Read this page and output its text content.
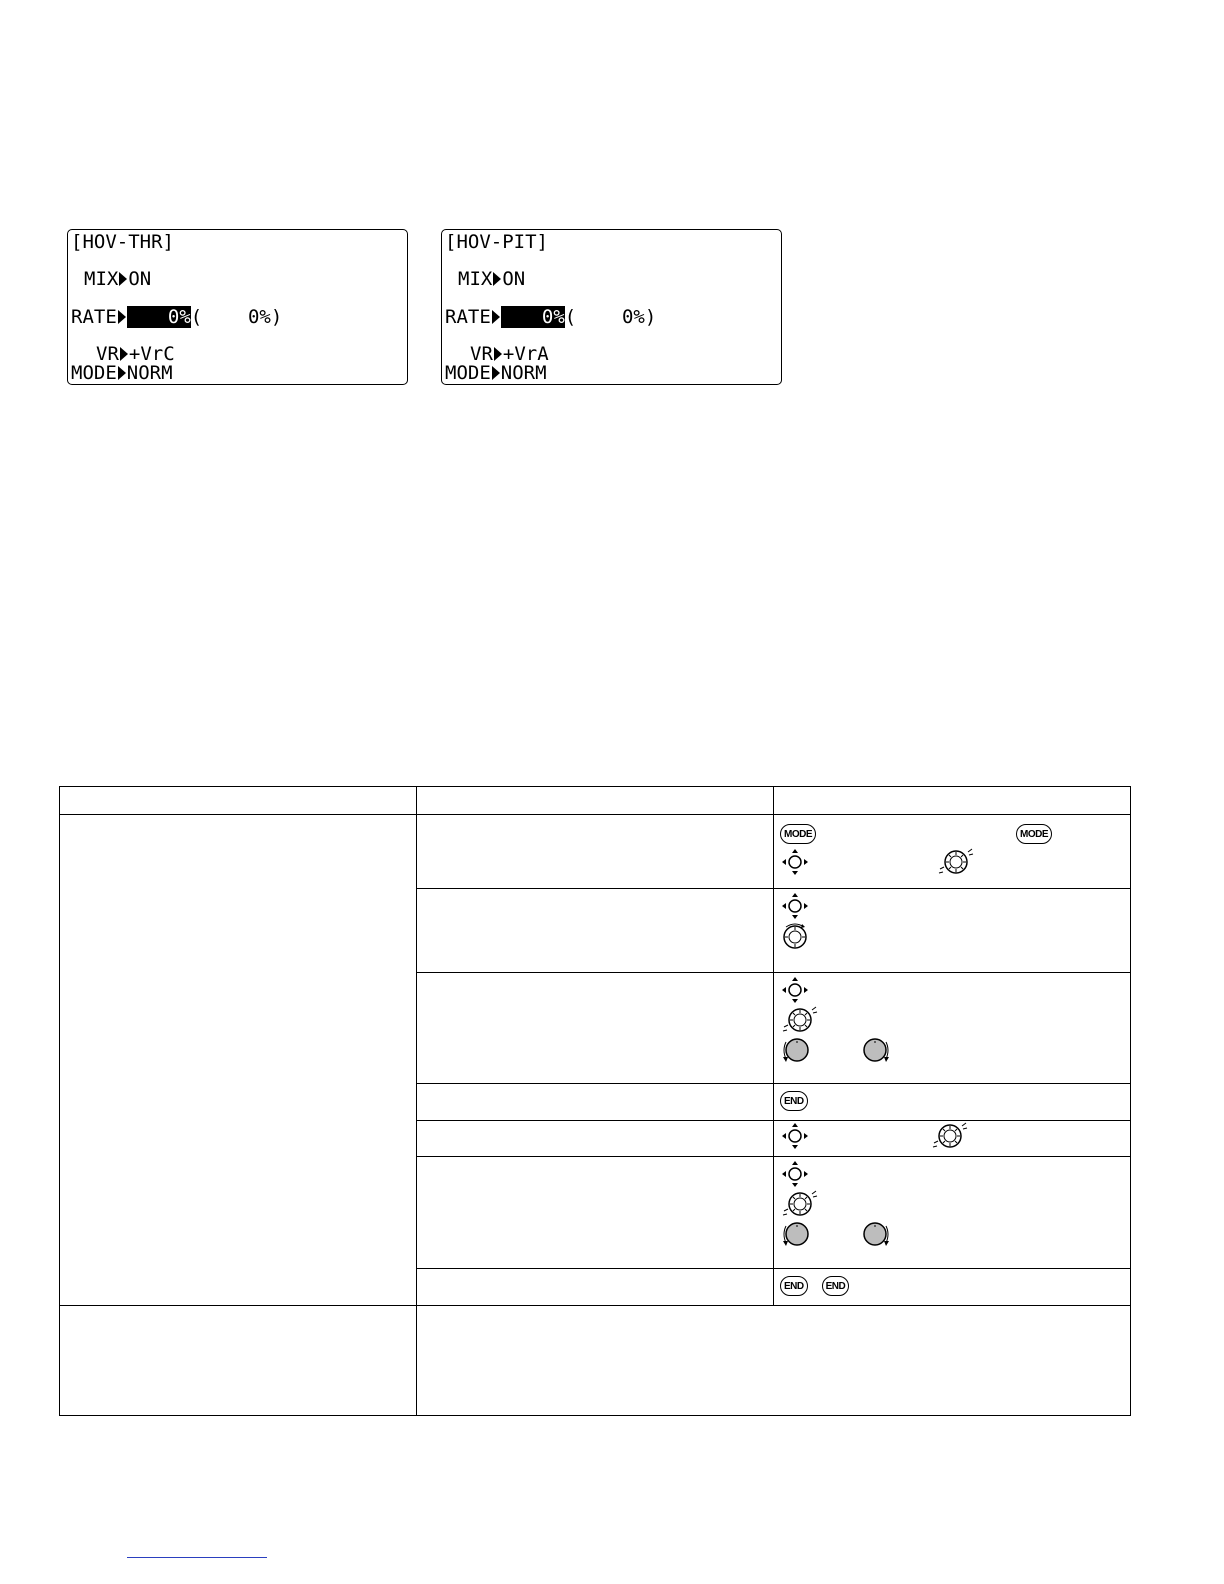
[HOV-THR]
MIX ON
RATE	0%(    0%)
VR +VrC
MODE NORM
[HOV-PIT]
MIX ON
RATE	0%(    0%)
VR +VrA
MODE NORM

MODE MODE

END

END END
